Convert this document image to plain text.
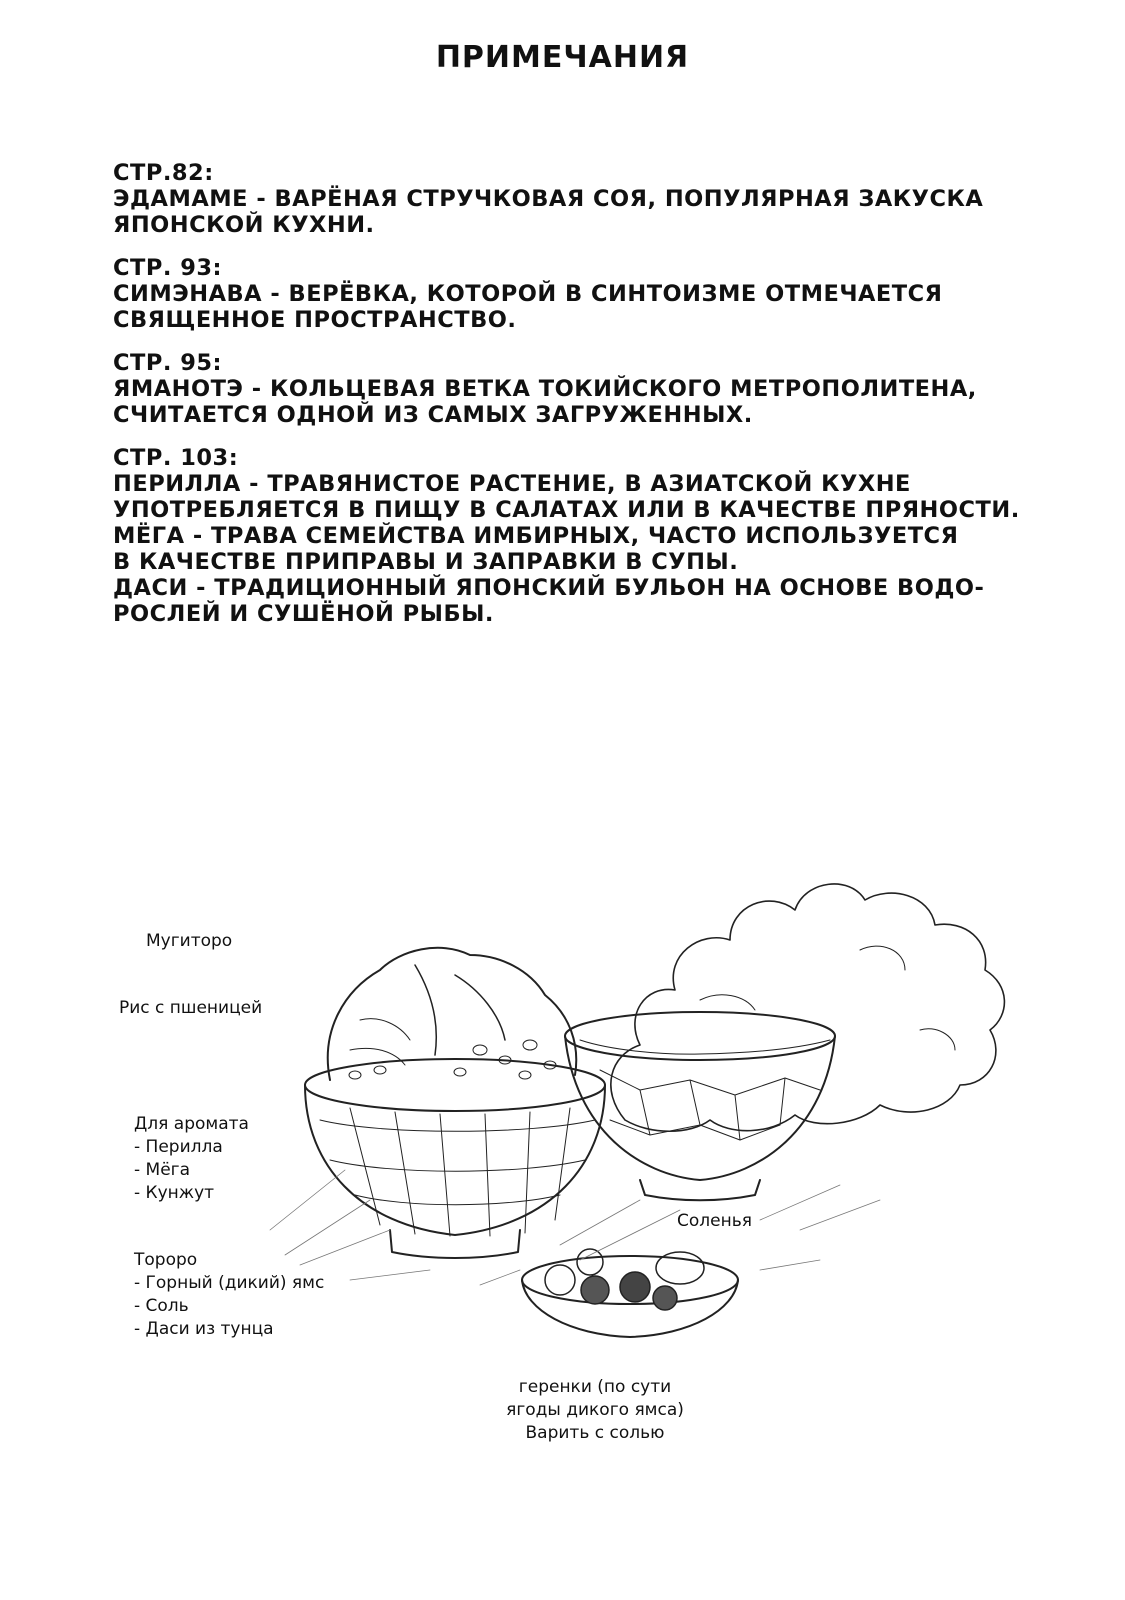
ПРИМЕЧАНИЯ
СТР.82:
ЭДАМАМЕ - ВАРЁНАЯ СТРУЧКОВАЯ СОЯ, ПОПУЛЯРНАЯ ЗАКУСКА
ЯПОНСКОЙ КУХНИ.
СТР. 93:
СИМЭНАВА - ВЕРЁВКА, КОТОРОЙ В СИНТОИЗМЕ ОТМЕЧАЕТСЯ
СВЯЩЕННОЕ ПРОСТРАНСТВО.
СТР. 95:
ЯМАНОТЭ - КОЛЬЦЕВАЯ ВЕТКА ТОКИЙСКОГО МЕТРОПОЛИТЕНА,
СЧИТАЕТСЯ ОДНОЙ ИЗ САМЫХ ЗАГРУЖЕННЫХ.
СТР. 103:
ПЕРИЛЛА - ТРАВЯНИСТОЕ РАСТЕНИЕ, В АЗИАТСКОЙ КУХНЕ
УПОТРЕБЛЯЕТСЯ В ПИЩУ В САЛАТАХ ИЛИ В КАЧЕСТВЕ ПРЯНОСТИ.
МЁГА - ТРАВА СЕМЕЙСТВА ИМБИРНЫХ, ЧАСТО ИСПОЛЬЗУЕТСЯ
В КАЧЕСТВЕ ПРИПРАВЫ И ЗАПРАВКИ В СУПЫ.
ДАСИ - ТРАДИЦИОННЫЙ ЯПОНСКИЙ БУЛЬОН НА ОСНОВЕ ВОДО-
РОСЛЕЙ И СУШЁНОЙ РЫБЫ.
Мугиторо
Рис с пшеницей
Для аромата
- Перилла
- Мёга
- Кунжут
Соленья
Тороро
- Горный (дикий) ямс
- Соль
- Даси из тунца
геренки (по сути
ягоды дикого ямса)
Варить с солью
